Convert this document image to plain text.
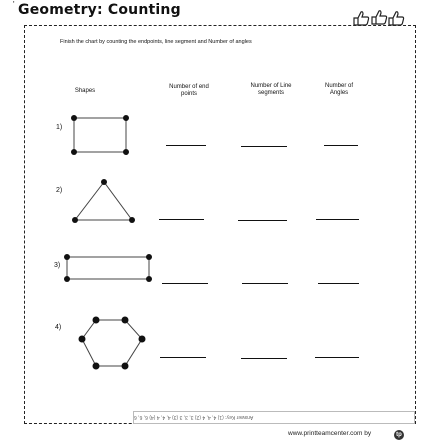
' Geometry: Counting
Finish the chart by counting the endpoints, line segment and Number of angles
Shapes
Number of end points
Number of Line segments
Number of Angles
1)
2)
3)
4)
Answer Key: (1) 4, 4, 4 (2) 3, 3, 3 (3) 4, 4, 4 (4) 6, 6, 6
www.printteamcenter.com by	tp
